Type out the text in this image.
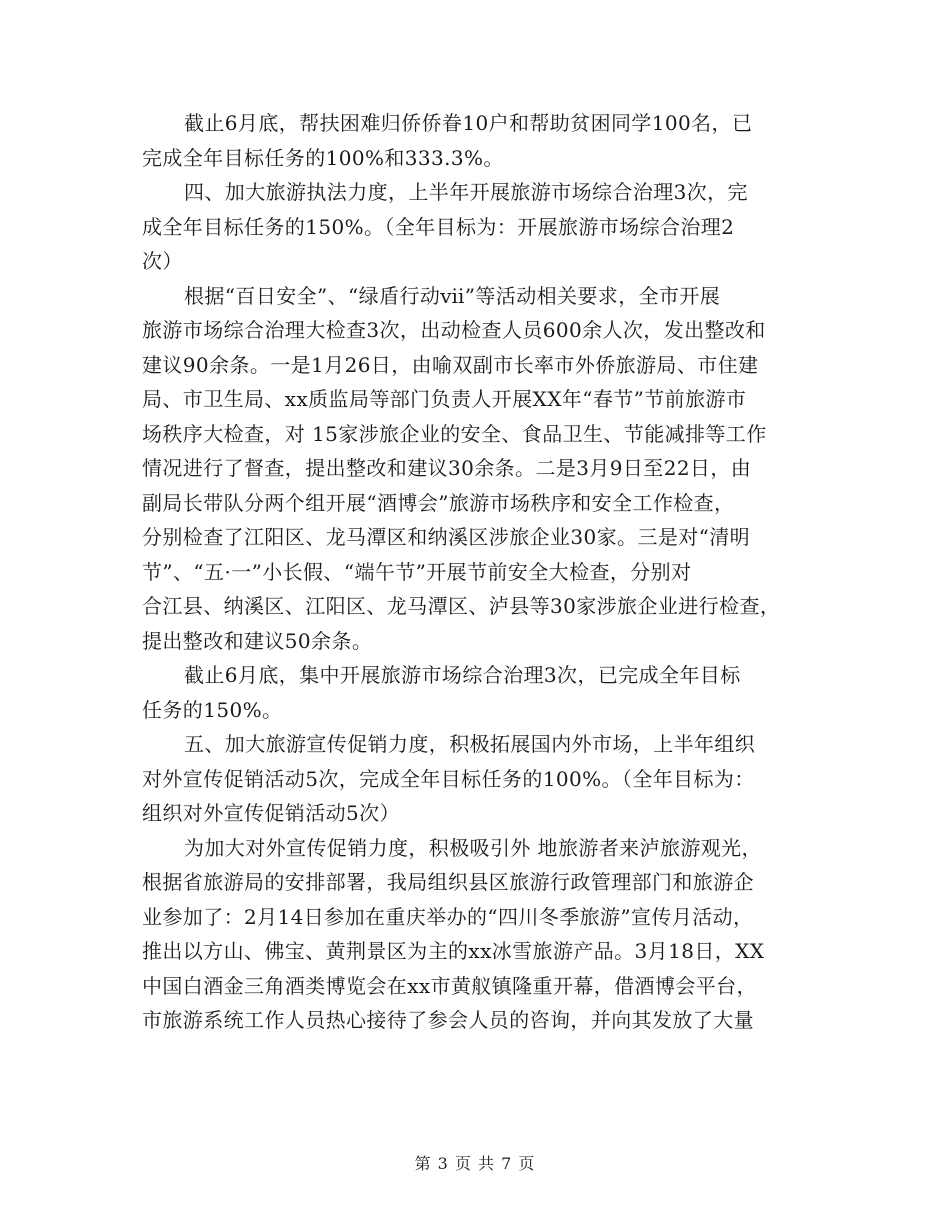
截止6月底，帮扶困难归侨侨眷10户和帮助贫困同学100名，已
完成全年目标任务的100%和333.3%。

四、加大旅游执法力度，上半年开展旅游市场综合治理3次，完
成全年目标任务的150%。（全年目标为：开展旅游市场综合治理2
次）

根据“百日安全”、“绿盾行动ⅶ”等活动相关要求，全市开展
旅游市场综合治理大检查3次，出动检查人员600余人次，发出整改和
建议90余条。一是1月26日，由喻双副市长率市外侨旅游局、市住建
局、市卫生局、xx质监局等部门负责人开展XX年“春节”节前旅游市
场秩序大检查，对 15家涉旅企业的安全、食品卫生、节能减排等工作
情况进行了督查，提出整改和建议30余条。二是3月9日至22日，由
副局长带队分两个组开展“酒博会”旅游市场秩序和安全工作检查，
分别检查了江阳区、龙马潭区和纳溪区涉旅企业30家。三是对“清明
节”、“五·一”小长假、“端午节”开展节前安全大检查，分别对
合江县、纳溪区、江阳区、龙马潭区、泸县等30家涉旅企业进行检查，
提出整改和建议50余条。

截止6月底，集中开展旅游市场综合治理3次，已完成全年目标
任务的150%。

五、加大旅游宣传促销力度，积极拓展国内外市场，上半年组织
对外宣传促销活动5次，完成全年目标任务的100%。（全年目标为：
组织对外宣传促销活动5次）

为加大对外宣传促销力度，积极吸引外 地旅游者来泸旅游观光，
根据省旅游局的安排部署，我局组织县区旅游行政管理部门和旅游企
业参加了：2月14日参加在重庆举办的“四川冬季旅游”宣传月活动，
推出以方山、佛宝、黄荆景区为主的xx冰雪旅游产品。3月18日，XX
中国白酒金三角酒类博览会在xx市黄舣镇隆重开幕，借酒博会平台，
市旅游系统工作人员热心接待了参会人员的咨询，并向其发放了大量

第 3 页 共 7 页
